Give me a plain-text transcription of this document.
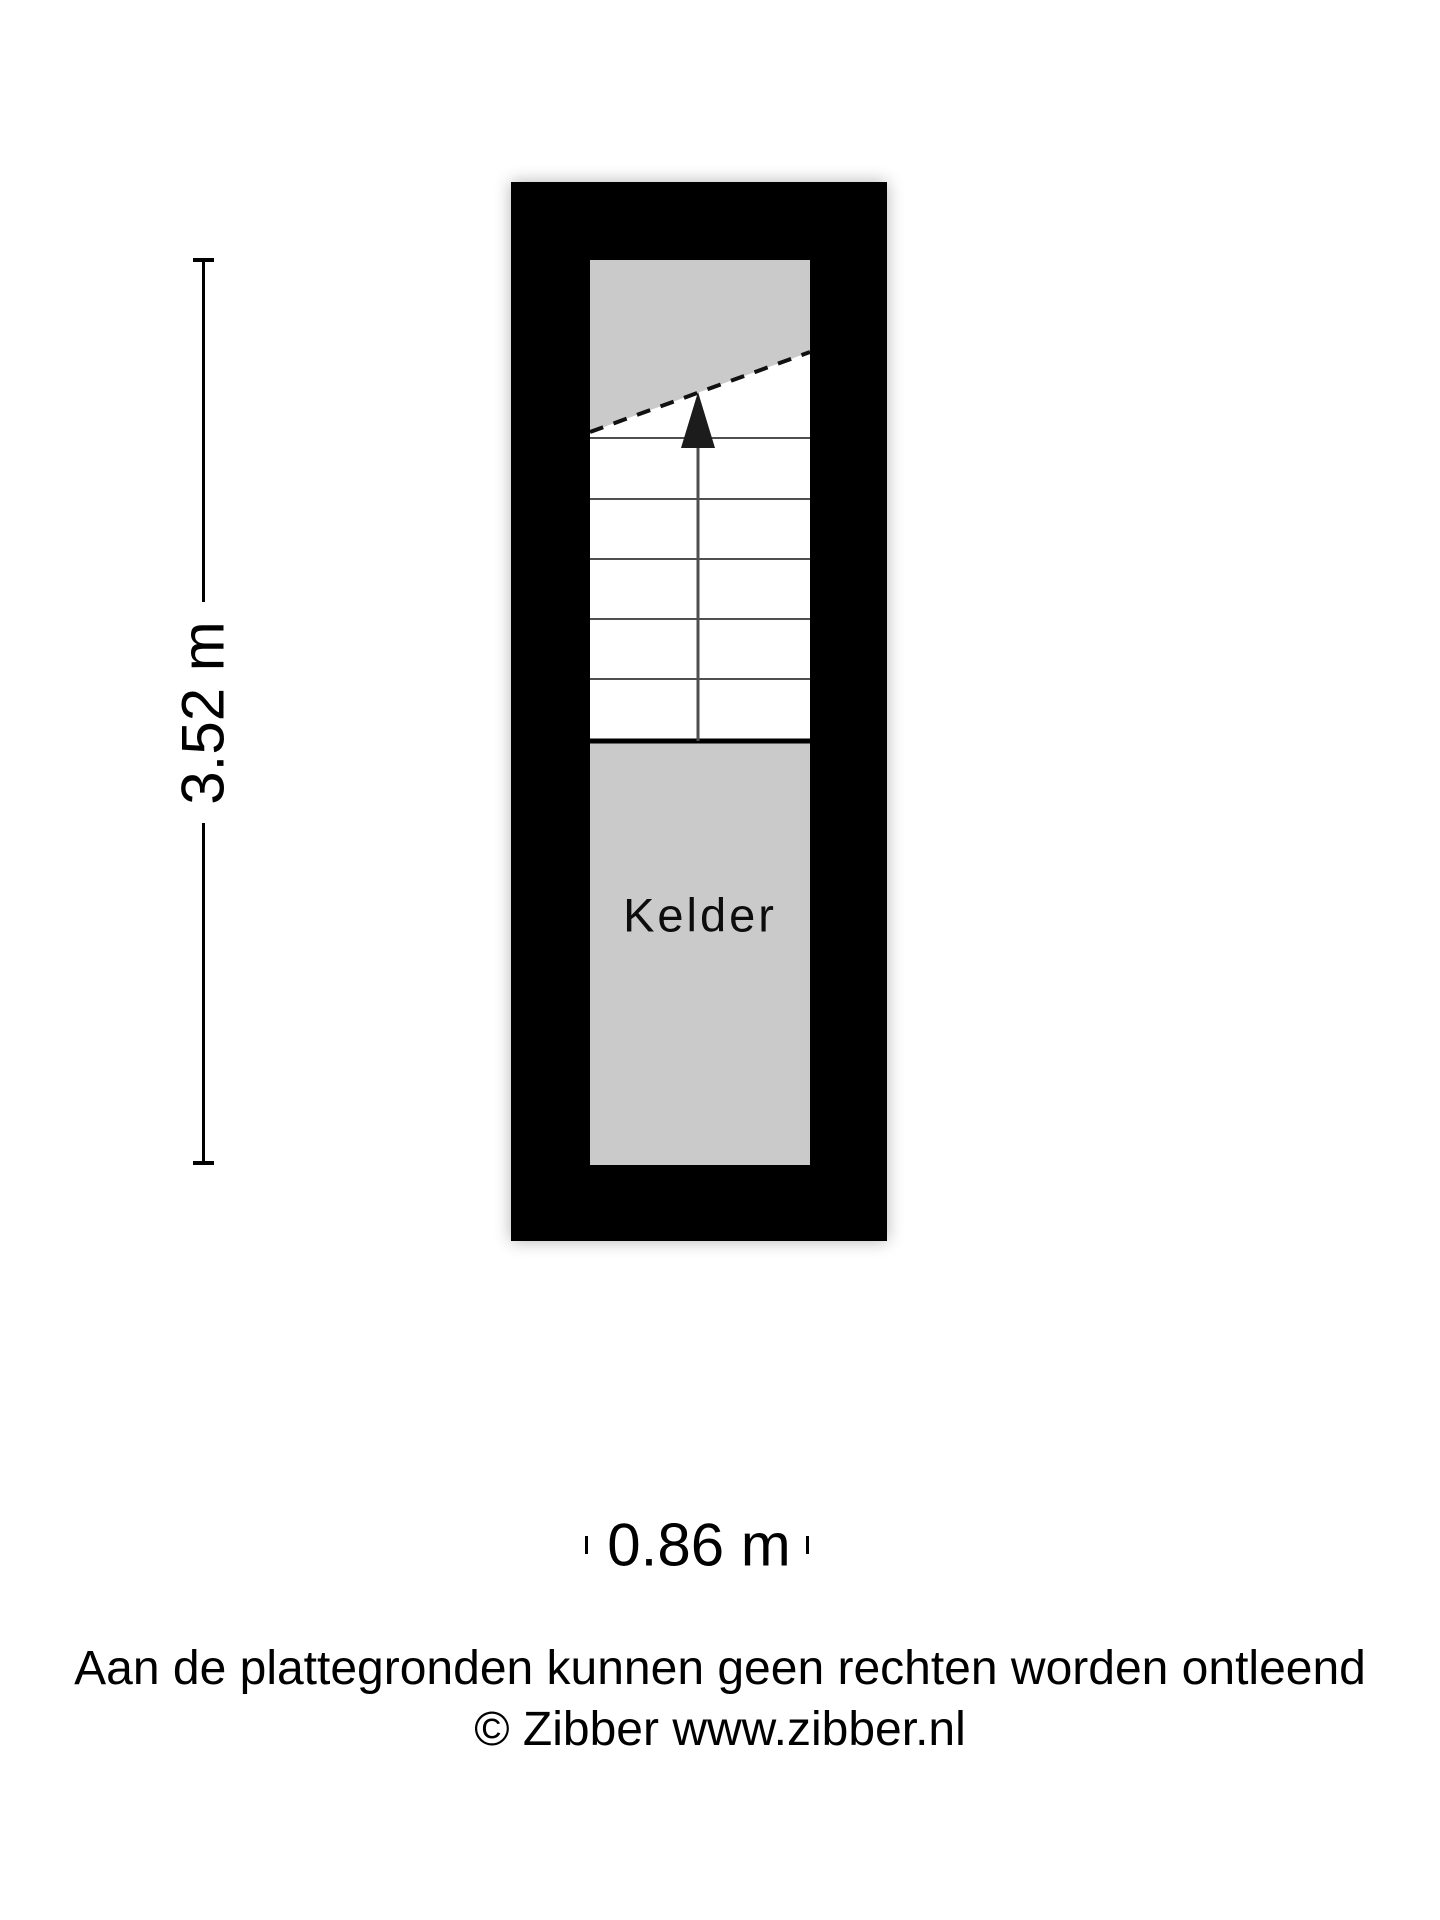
3.52 m
Kelder
0.86 m
Aan de plattegronden kunnen geen rechten worden ontleend
© Zibber www.zibber.nl
